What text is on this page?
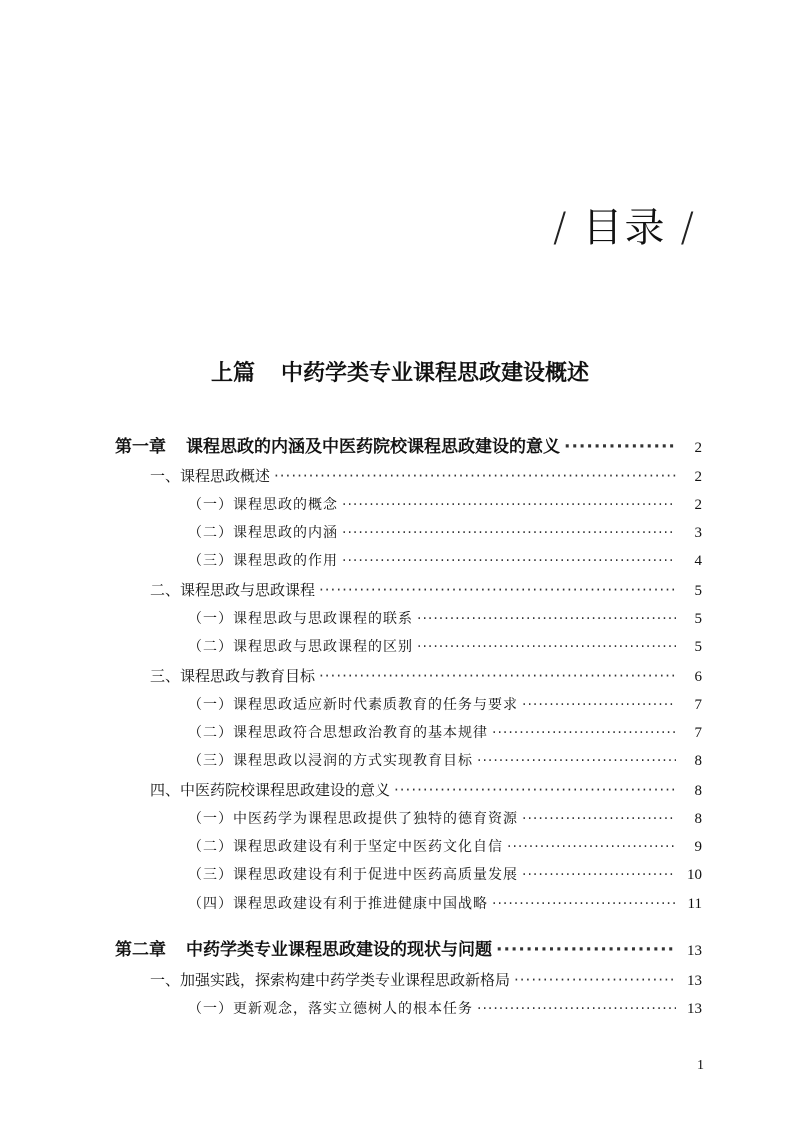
/ 目录 /
上篇 中药学类专业课程思政建设概述
第一章 课程思政的内涵及中医药院校课程思政建设的意义 ·····	2
一、课程思政概述 ·····	2
（一）课程思政的概念 ·····	2
（二）课程思政的内涵 ·····	3
（三）课程思政的作用 ·····	4
二、课程思政与思政课程 ·····	5
（一）课程思政与思政课程的联系 ·····	5
（二）课程思政与思政课程的区别 ·····	5
三、课程思政与教育目标 ·····	6
（一）课程思政适应新时代素质教育的任务与要求 ·····	7
（二）课程思政符合思想政治教育的基本规律 ·····	7
（三）课程思政以浸润的方式实现教育目标 ·····	8
四、中医药院校课程思政建设的意义 ·····	8
（一）中医药学为课程思政提供了独特的德育资源 ·····	8
（二）课程思政建设有利于坚定中医药文化自信 ·····	9
（三）课程思政建设有利于促进中医药高质量发展 ·····	10
（四）课程思政建设有利于推进健康中国战略 ·····	11
第二章 中药学类专业课程思政建设的现状与问题 ·····	13
一、加强实践，探索构建中药学类专业课程思政新格局 ·····	13
（一）更新观念，落实立德树人的根本任务 ·····	13
1
